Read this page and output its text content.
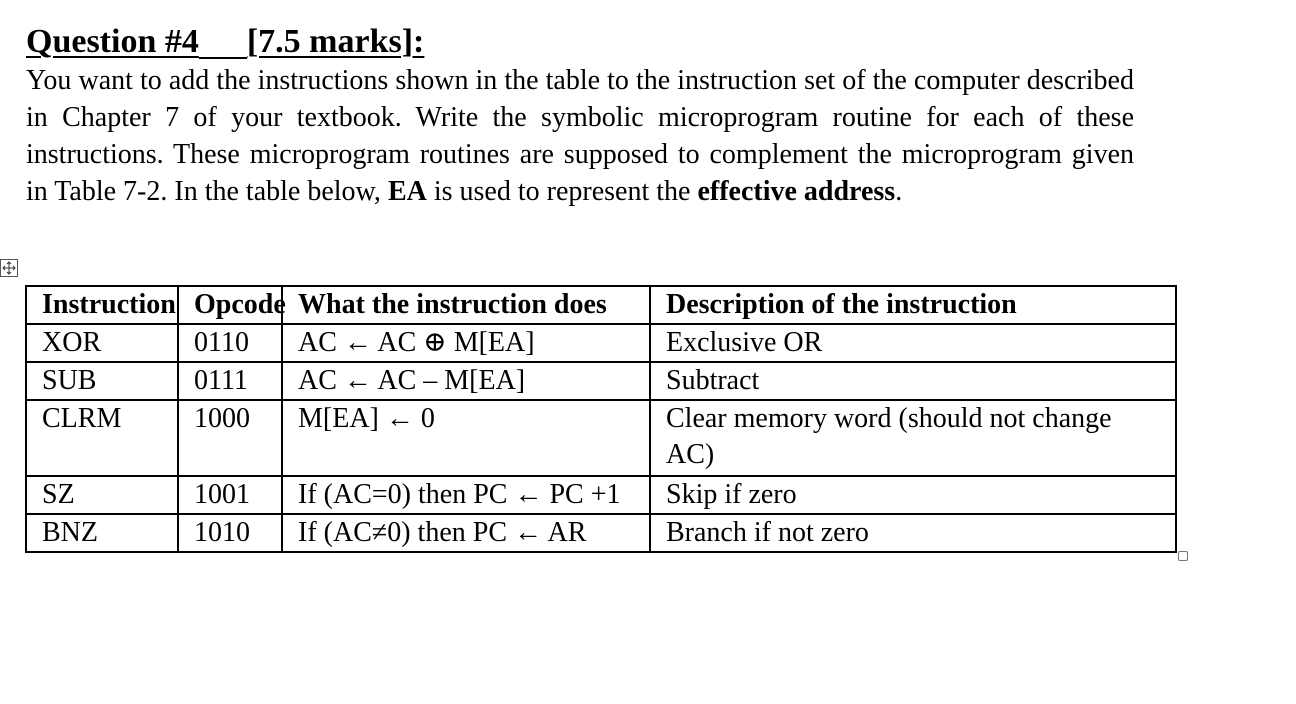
Question #4 [7.5 marks]:
You want to add the instructions shown in the table to the instruction set of the computer described in Chapter 7 of your textbook. Write the symbolic microprogram routine for each of these instructions. These microprogram routines are supposed to complement the microprogram given in Table 7-2. In the table below, EA is used to represent the effective address.
Instruction	Opcode	What the instruction does	Description of the instruction
XOR	0110	AC ← AC ⊕ M[EA]	Exclusive OR
SUB	0111	AC ← AC – M[EA]	Subtract
CLRM	1000	M[EA] ← 0	Clear memory word (should not change AC)
SZ	1001	If (AC=0) then PC ← PC +1	Skip if zero
BNZ	1010	If (AC≠0) then PC ← AR	Branch if not zero
